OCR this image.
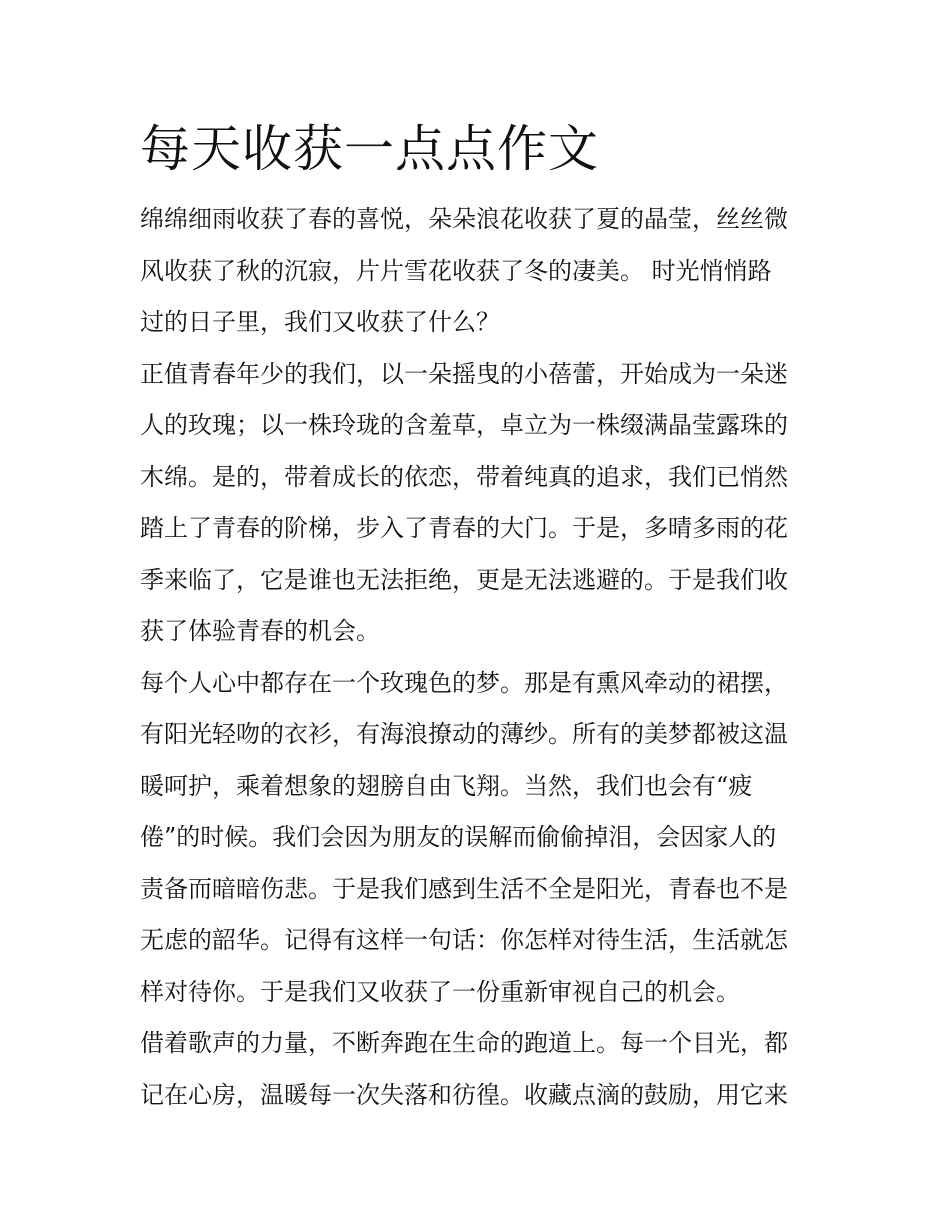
每天收获一点点作文

绵绵细雨收获了春的喜悦，朵朵浪花收获了夏的晶莹，丝丝微
风收获了秋的沉寂，片片雪花收获了冬的凄美。 时光悄悄路
过的日子里，我们又收获了什么？

正值青春年少的我们，以一朵摇曳的小蓓蕾，开始成为一朵迷
人的玫瑰；以一株玲珑的含羞草，卓立为一株缀满晶莹露珠的
木绵。是的，带着成长的依恋，带着纯真的追求，我们已悄然
踏上了青春的阶梯，步入了青春的大门。于是，多晴多雨的花
季来临了，它是谁也无法拒绝，更是无法逃避的。于是我们收
获了体验青春的机会。

每个人心中都存在一个玫瑰色的梦。那是有熏风牵动的裙摆，
有阳光轻吻的衣衫，有海浪撩动的薄纱。所有的美梦都被这温
暖呵护，乘着想象的翅膀自由飞翔。当然，我们也会有“疲
倦”的时候。我们会因为朋友的误解而偷偷掉泪，会因家人的
责备而暗暗伤悲。于是我们感到生活不全是阳光，青春也不是
无虑的韶华。记得有这样一句话：你怎样对待生活，生活就怎
样对待你。于是我们又收获了一份重新审视自己的机会。

借着歌声的力量，不断奔跑在生命的跑道上。每一个目光，都
记在心房，温暖每一次失落和彷徨。收藏点滴的鼓励，用它来
